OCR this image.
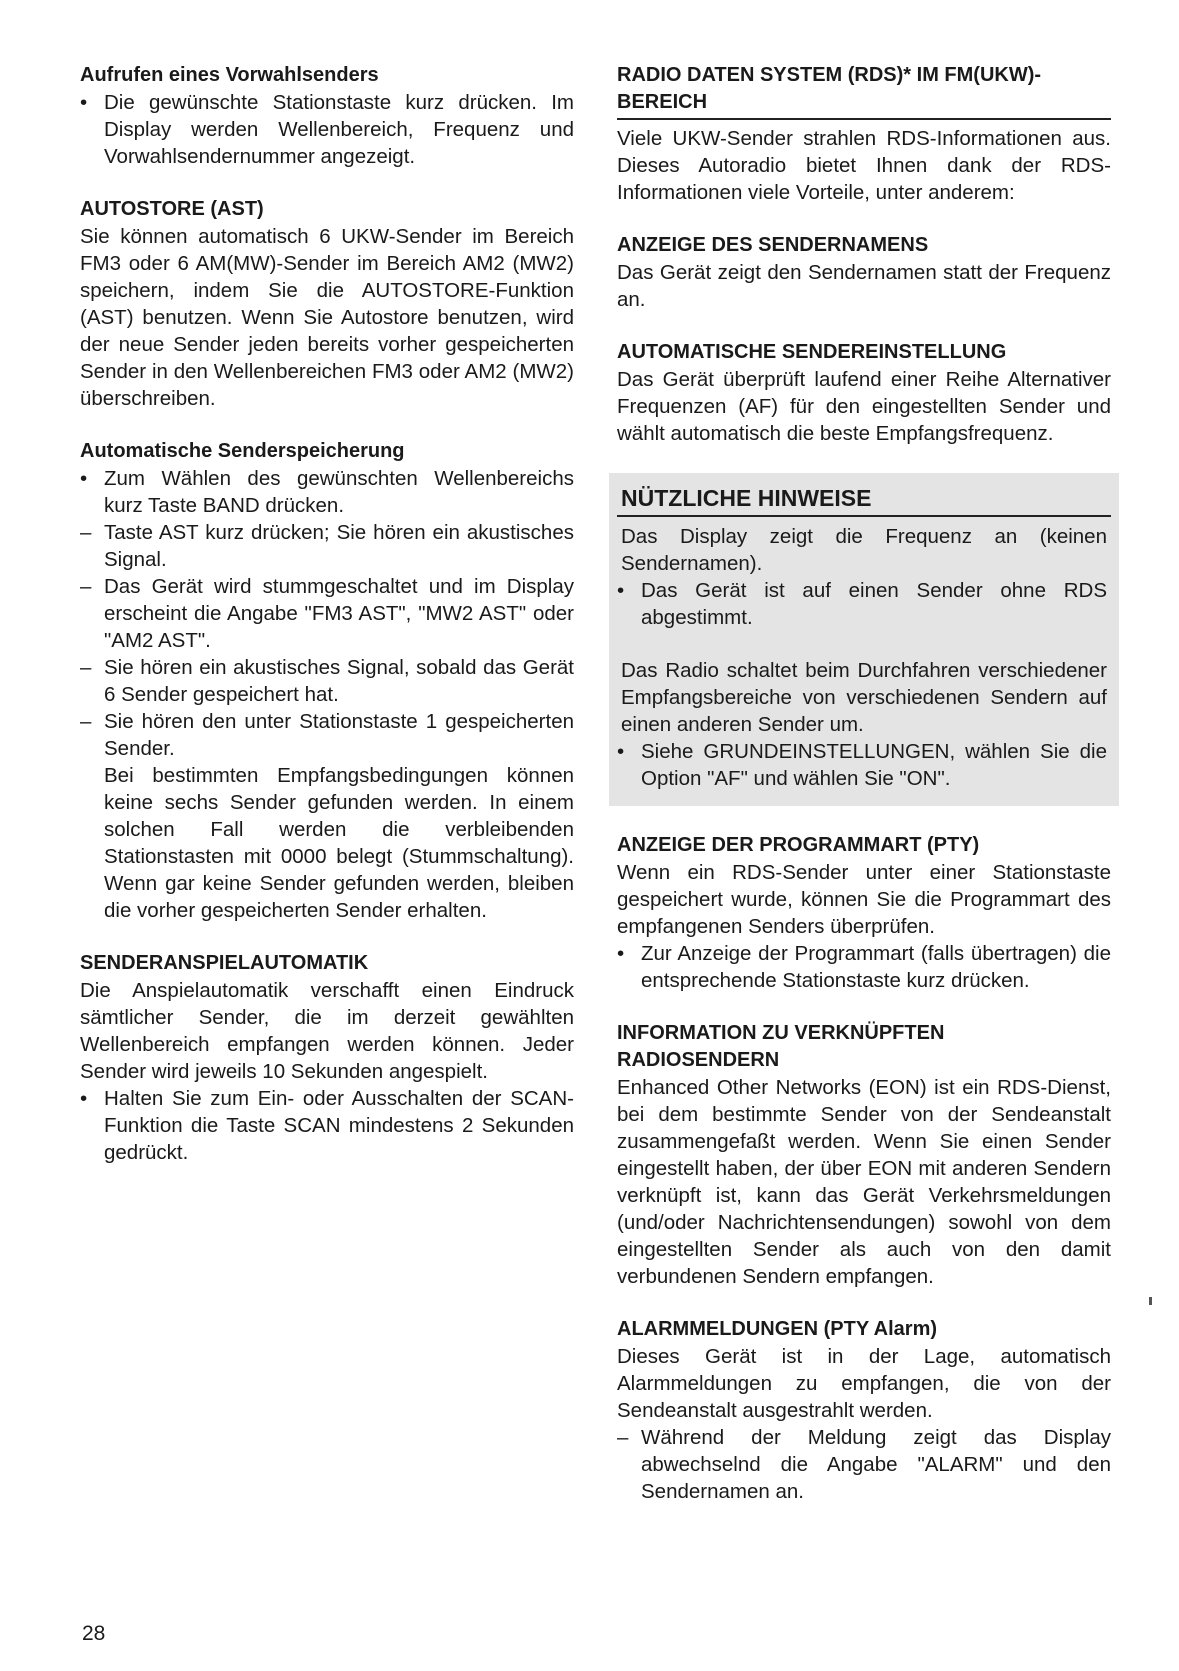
Aufrufen eines Vorwahlsenders
• Die gewünschte Stationstaste kurz drücken. Im Display werden Wellenbereich, Frequenz und Vorwahlsendernummer angezeigt.
AUTOSTORE (AST)

Sie können automatisch 6 UKW-Sender im Bereich FM3 oder 6 AM(MW)-Sender im Bereich AM2 (MW2) speichern, indem Sie die AUTOSTORE-Funktion (AST) benutzen. Wenn Sie Autostore benutzen, wird der neue Sender jeden bereits vorher gespeicherten Sender in den Wellenbereichen FM3 oder AM2 (MW2) überschreiben.

Automatische Senderspeicherung
• Zum Wählen des gewünschten Wellenbereichs kurz Taste BAND drücken.
– Taste AST kurz drücken; Sie hören ein akustisches Signal.
– Das Gerät wird stummgeschaltet und im Display erscheint die Angabe "FM3 AST", "MW2 AST" oder "AM2 AST".
– Sie hören ein akustisches Signal, sobald das Gerät 6 Sender gespeichert hat.
– Sie hören den unter Stationstaste 1 gespeicherten Sender.
Bei bestimmten Empfangsbedingungen können keine sechs Sender gefunden werden. In einem solchen Fall werden die verbleibenden Stationstasten mit 0000 belegt (Stummschaltung). Wenn gar keine Sender gefunden werden, bleiben die vorher gespeicherten Sender erhalten.
SENDERANSPIELAUTOMATIK

Die Anspielautomatik verschafft einen Eindruck sämtlicher Sender, die im derzeit gewählten Wellenbereich empfangen werden können. Jeder Sender wird jeweils 10 Sekunden angespielt.

• Halten Sie zum Ein- oder Ausschalten der SCAN-Funktion die Taste SCAN mindestens 2 Sekunden gedrückt.
RADIO DATEN SYSTEM (RDS)* IM FM(UKW)-BEREICH

Viele UKW-Sender strahlen RDS-Informationen aus. Dieses Autoradio bietet Ihnen dank der RDS-Informationen viele Vorteile, unter anderem:

ANZEIGE DES SENDERNAMENS

Das Gerät zeigt den Sendernamen statt der Frequenz an.

AUTOMATISCHE SENDEREINSTELLUNG

Das Gerät überprüft laufend einer Reihe Alternativer Frequenzen (AF) für den eingestellten Sender und wählt automatisch die beste Empfangsfrequenz.

NÜTZLICHE HINWEISE

Das Display zeigt die Frequenz an (keinen Sendernamen).

• Das Gerät ist auf einen Sender ohne RDS abgestimmt.

Das Radio schaltet beim Durchfahren verschiedener Empfangsbereiche von verschiedenen Sendern auf einen anderen Sender um.

• Siehe GRUNDEINSTELLUNGEN, wählen Sie die Option "AF" und wählen Sie "ON".
ANZEIGE DER PROGRAMMART (PTY)

Wenn ein RDS-Sender unter einer Stationstaste gespeichert wurde, können Sie die Programmart des empfangenen Senders überprüfen.

• Zur Anzeige der Programmart (falls übertragen) die entsprechende Stationstaste kurz drücken.
INFORMATION ZU VERKNÜPFTEN RADIOSENDERN

Enhanced Other Networks (EON) ist ein RDS-Dienst, bei dem bestimmte Sender von der Sendeanstalt zusammengefaßt werden. Wenn Sie einen Sender eingestellt haben, der über EON mit anderen Sendern verknüpft ist, kann das Gerät Verkehrsmeldungen (und/oder Nachrichtensendungen) sowohl von dem eingestellten Sender als auch von den damit verbundenen Sendern empfangen.

ALARMMELDUNGEN (PTY Alarm)

Dieses Gerät ist in der Lage, automatisch Alarmmeldungen zu empfangen, die von der Sendeanstalt ausgestrahlt werden.

– Während der Meldung zeigt das Display abwechselnd die Angabe "ALARM" und den Sendernamen an.
28
